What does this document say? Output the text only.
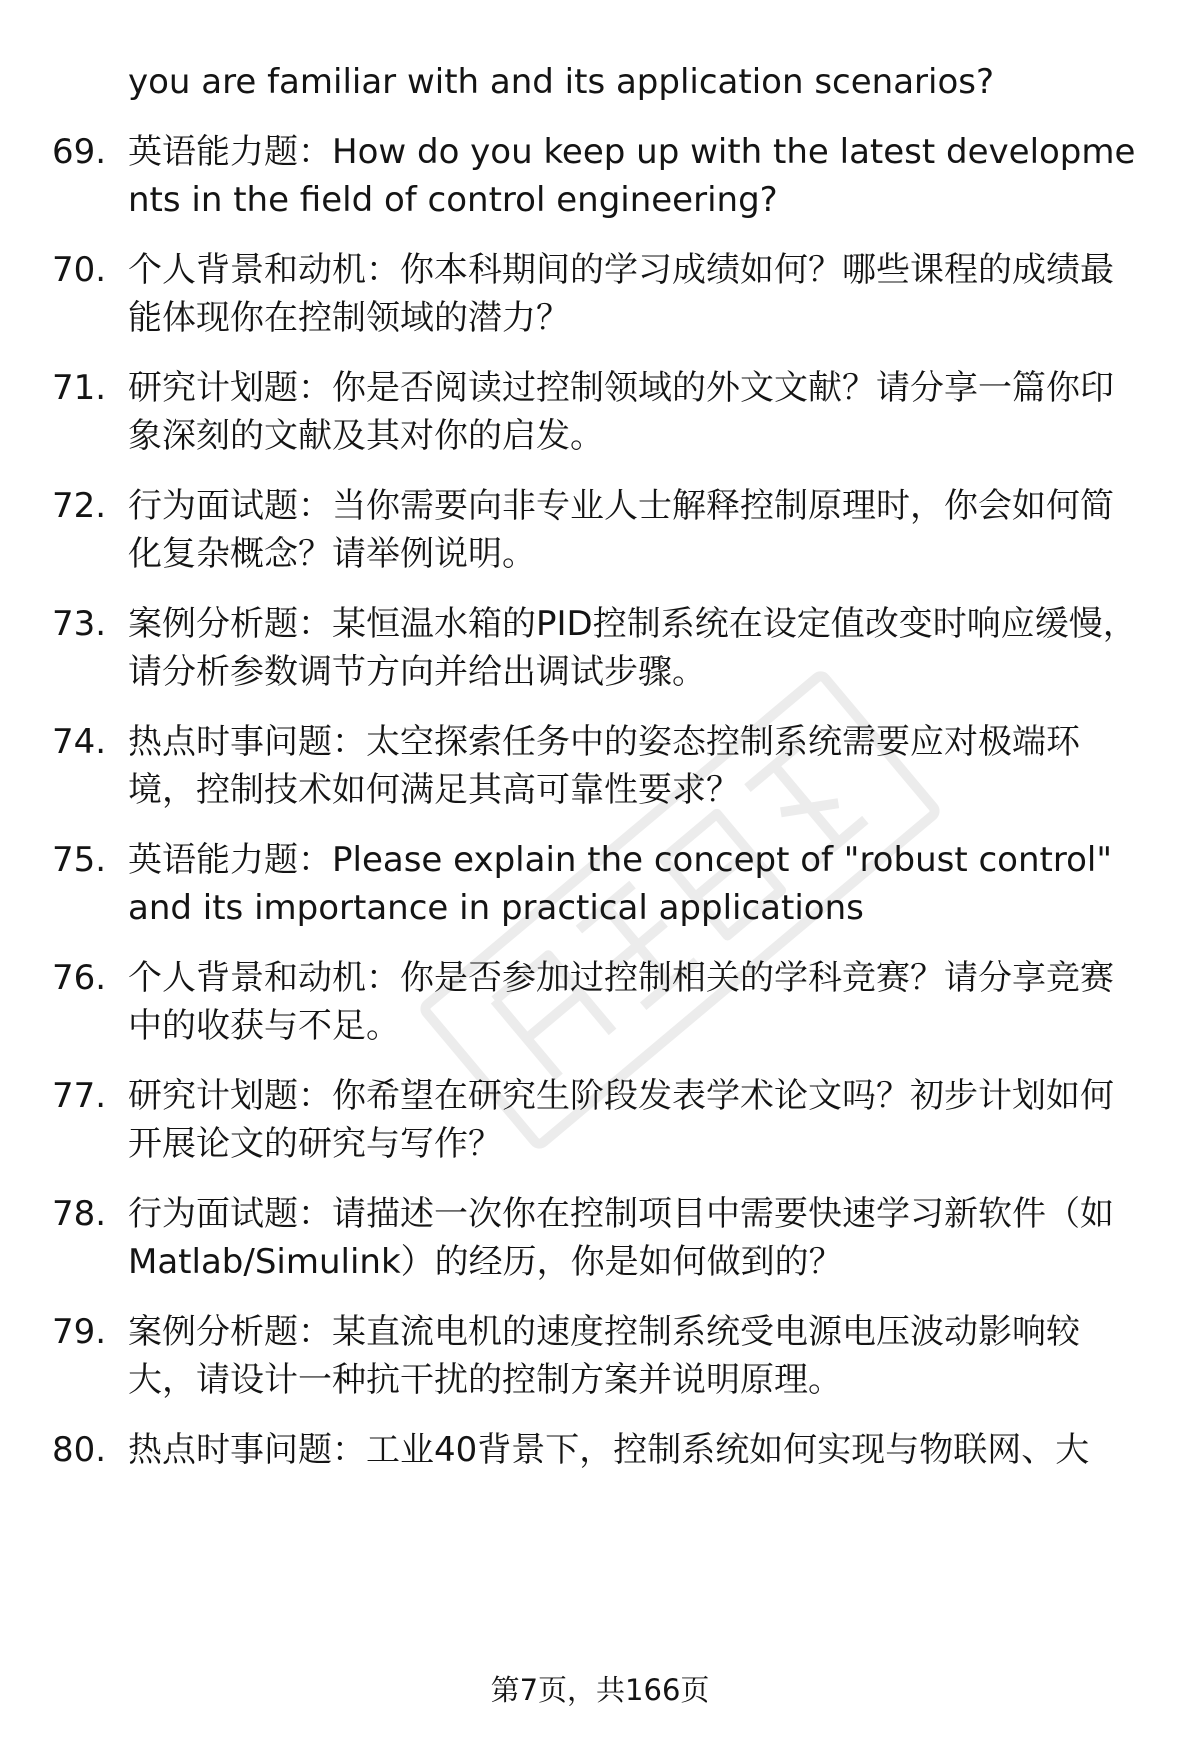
you are familiar with and its application scenarios?
69. 英语能力题：How do you keep up with the latest developments in the field of control engineering?
70. 个人背景和动机：你本科期间的学习成绩如何？哪些课程的成绩最能体现你在控制领域的潜力？
71. 研究计划题：你是否阅读过控制领域的外文文献？请分享一篇你印象深刻的文献及其对你的启发。
72. 行为面试题：当你需要向非专业人士解释控制原理时，你会如何简化复杂概念？请举例说明。
73. 案例分析题：某恒温水箱的PID控制系统在设定值改变时响应缓慢，请分析参数调节方向并给出调试步骤。
74. 热点时事问题：太空探索任务中的姿态控制系统需要应对极端环境，控制技术如何满足其高可靠性要求？
75. 英语能力题：Please explain the concept of "robust control" and its importance in practical applications
76. 个人背景和动机：你是否参加过控制相关的学科竞赛？请分享竞赛中的收获与不足。
77. 研究计划题：你希望在研究生阶段发表学术论文吗？初步计划如何开展论文的研究与写作？
78. 行为面试题：请描述一次你在控制项目中需要快速学习新软件（如Matlab/Simulink）的经历，你是如何做到的？
79. 案例分析题：某直流电机的速度控制系统受电源电压波动影响较大，请设计一种抗干扰的控制方案并说明原理。
80. 热点时事问题：工业40背景下，控制系统如何实现与物联网、大
第7页，共166页
